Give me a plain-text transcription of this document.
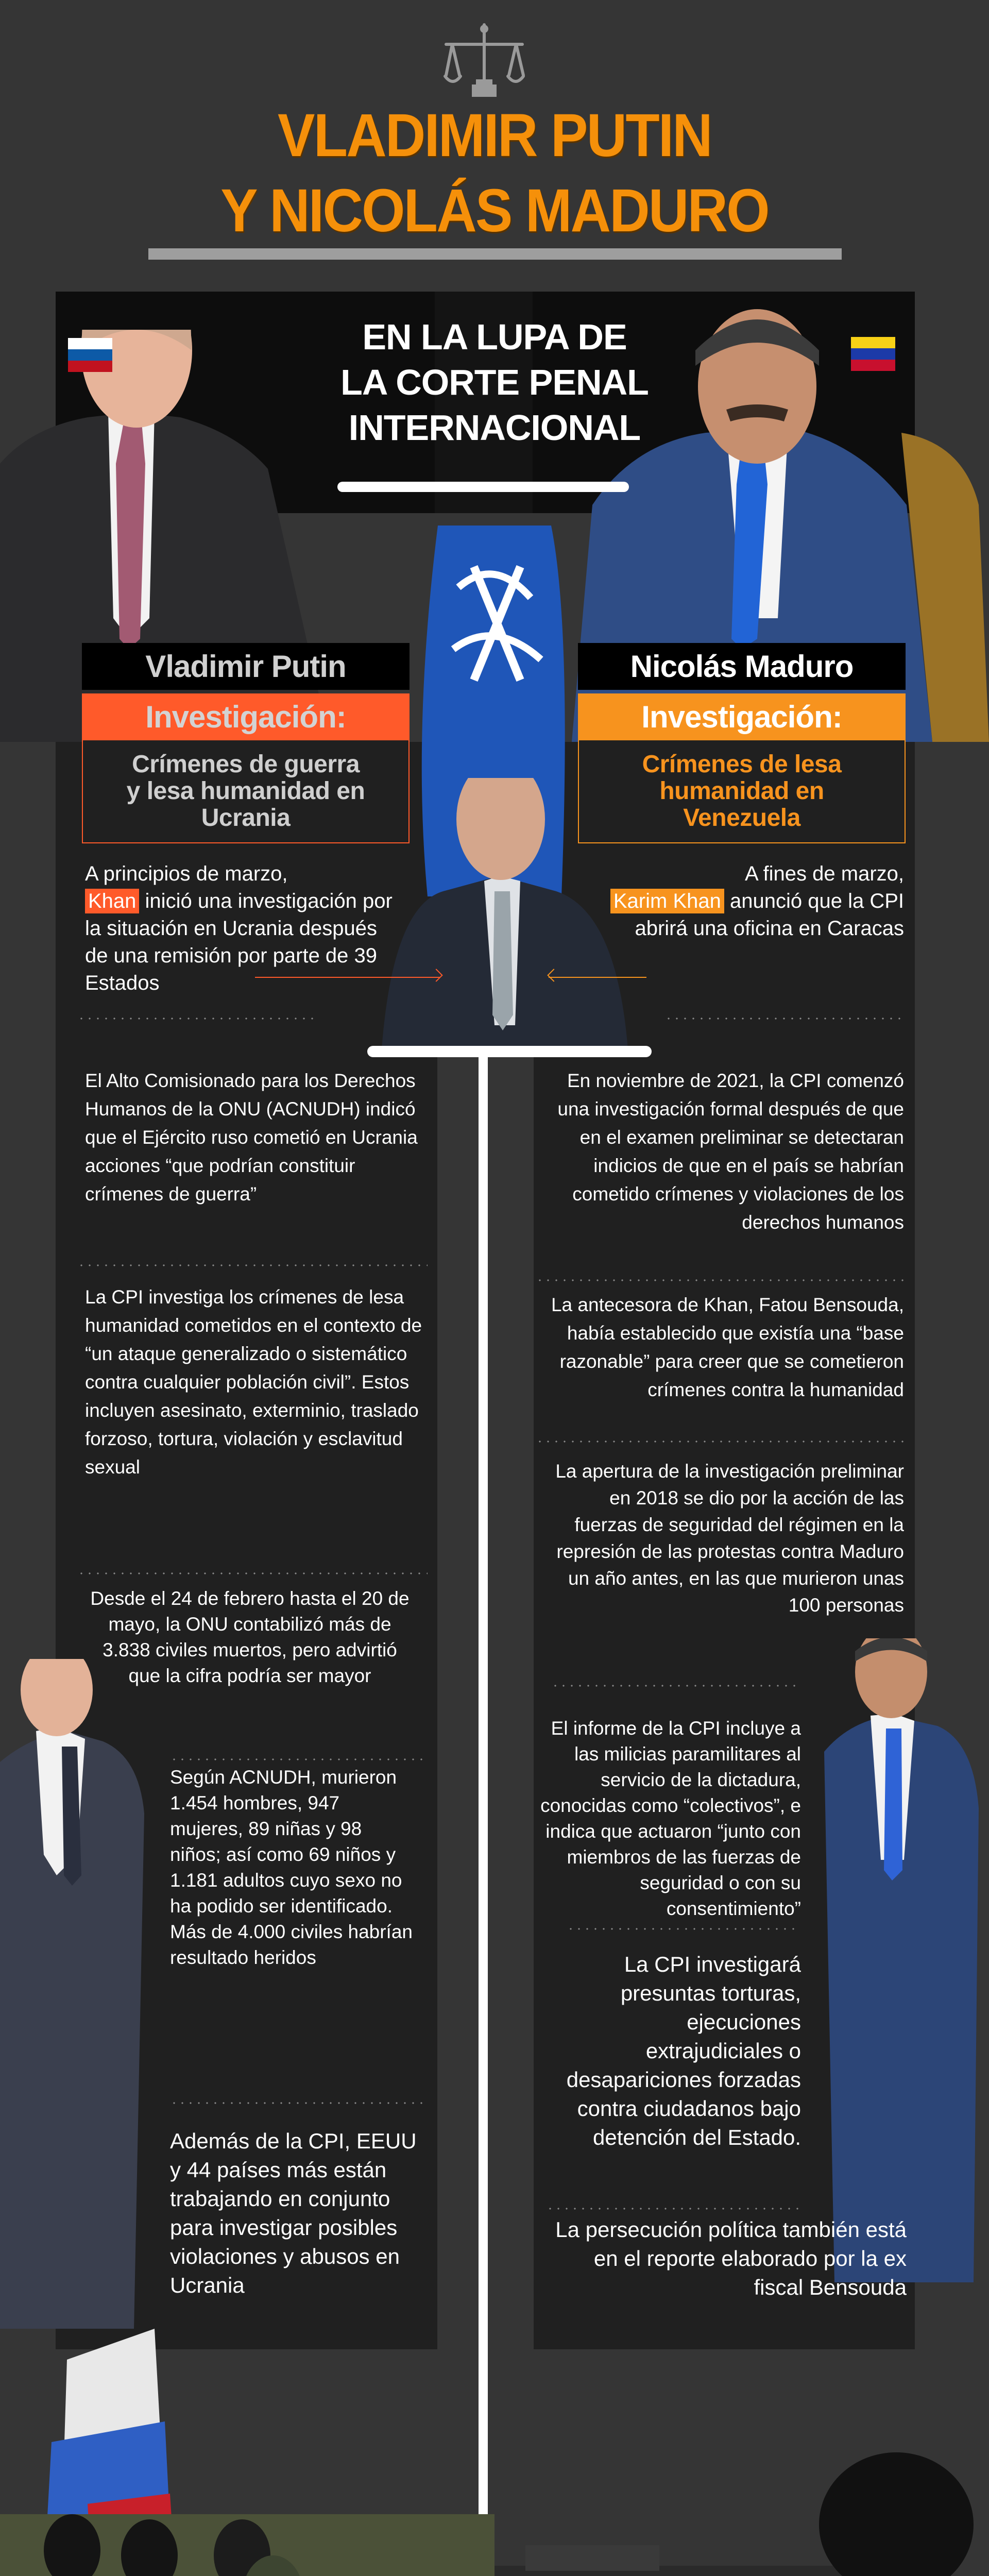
VLADIMIR PUTIN
Y NICOLÁS MADURO
EN LA LUPA DE
LA CORTE PENAL
INTERNACIONAL
Vladimir Putin
Investigación:
Crímenes de guerra
y lesa humanidad en
Ucrania
Nicolás Maduro
Investigación:
Crímenes de lesa
humanidad en
Venezuela
A principios de marzo,
Khan inició una investigación por la situación en Ucrania después de una remisión por parte de 39 Estados
A fines de marzo,
Karim Khan anunció que la CPI abrirá una oficina en Caracas
El Alto Comisionado para los Derechos Humanos de la ONU (ACNUDH) indicó que el Ejército ruso cometió en Ucrania acciones “que podrían constituir crímenes de guerra”
La CPI investiga los crímenes de lesa humanidad cometidos en el contexto de “un ataque generalizado o sistemático contra cualquier población civil”. Estos incluyen asesinato, exterminio, traslado forzoso, tortura, violación y esclavitud sexual
Desde el 24 de febrero hasta el 20 de mayo, la ONU contabilizó más de 3.838 civiles muertos, pero advirtió que la cifra podría ser mayor
Según ACNUDH, murieron 1.454 hombres, 947 mujeres, 89 niñas y 98 niños; así como 69 niños y 1.181 adultos cuyo sexo no ha podido ser identificado. Más de 4.000 civiles habrían resultado heridos
Además de la CPI, EEUU y 44 países más están trabajando en conjunto para investigar posibles violaciones y abusos en Ucrania
En noviembre de 2021, la CPI comenzó una investigación formal después de que en el examen preliminar se detectaran indicios de que en el país se habrían cometido crímenes y violaciones de los derechos humanos
La antecesora de Khan, Fatou Bensouda, había establecido que existía una “base razonable” para creer que se cometieron crímenes contra la humanidad
La apertura de la investigación preliminar en 2018 se dio por la acción de las fuerzas de seguridad del régimen en la represión de las protestas contra Maduro un año antes, en las que murieron unas 100 personas
El informe de la CPI incluye a las milicias paramilitares al servicio de la dictadura, conocidas como “colectivos”, e indica que actuaron “junto con miembros de las fuerzas de seguridad o con su consentimiento”
La CPI investigará presuntas torturas, ejecuciones extrajudiciales o desapariciones forzadas contra ciudadanos bajo detención del Estado.
La persecución política también está en el reporte elaborado por la ex fiscal Bensouda
